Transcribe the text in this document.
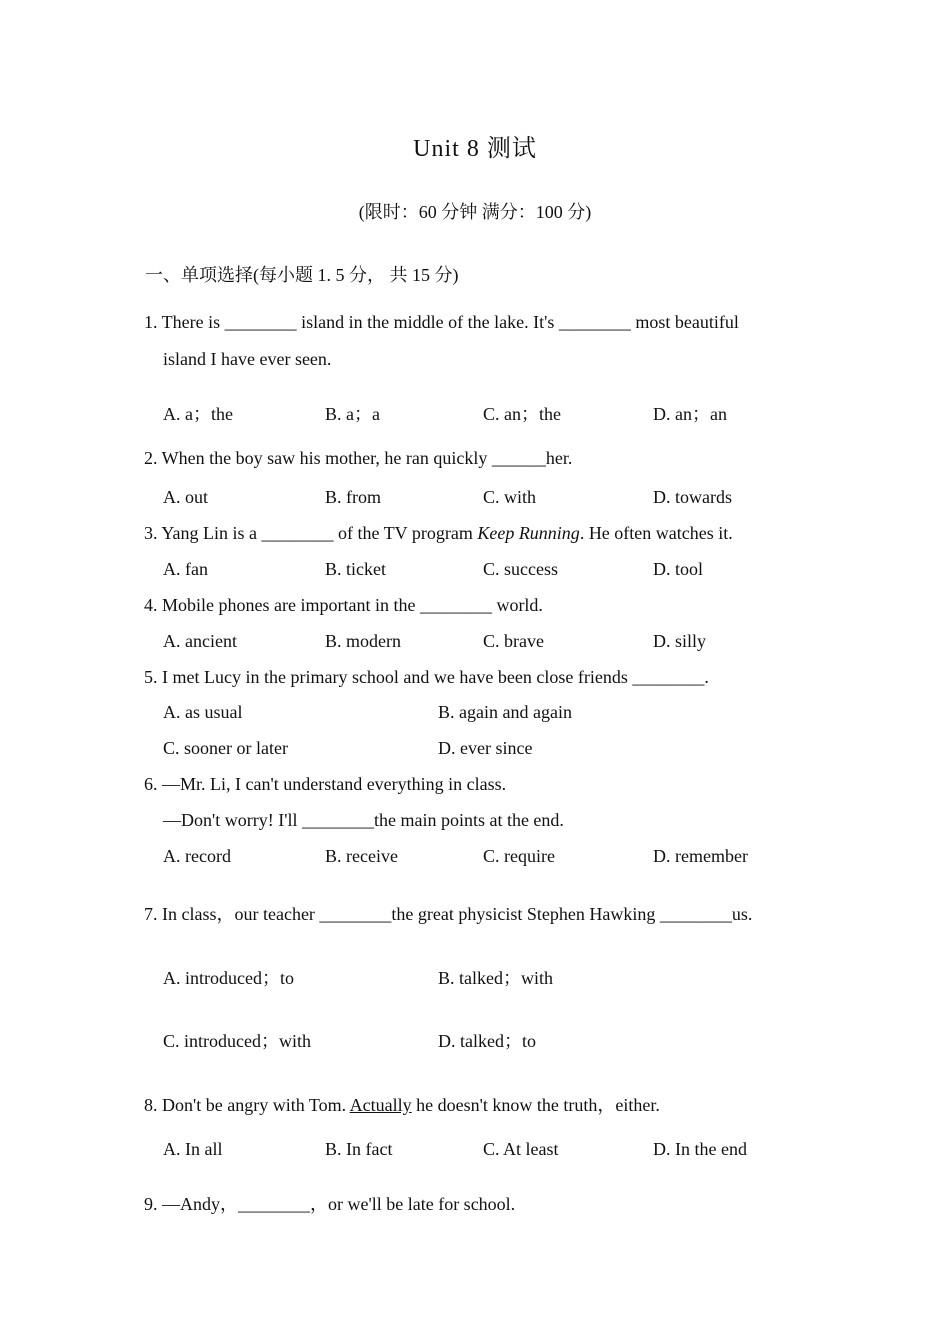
Unit 8 测试
(限时：60 分钟 满分：100 分)
一、单项选择(每小题 1. 5 分， 共 15 分)
1. There is ________ island in the middle of the lake. It's ________ most beautiful
island I have ever seen.
A. a；the	B. a；a	C. an；the	D. an；an
2. When the boy saw his mother, he ran quickly ______her.
A. out	B. from	C. with	D. towards
3. Yang Lin is a ________ of the TV program Keep Running. He often watches it.
A. fan	B. ticket	C. success	D. tool
4. Mobile phones are important in the ________ world.
A. ancient	B. modern	C. brave	D. silly
5. I met Lucy in the primary school and we have been close friends ________.
A. as usual	B. again and again
C. sooner or later	D. ever since
6. —Mr. Li, I can't understand everything in class.
—Don't worry! I'll ________the main points at the end.
A. record	B. receive	C. require	D. remember
7. In class，our teacher ________the great physicist Stephen Hawking ________us.
A. introduced；to	B. talked；with
C. introduced；with	D. talked；to
8. Don't be angry with Tom. Actually he doesn't know the truth，either.
A. In all	B. In fact	C. At least	D. In the end
9. —Andy，________，or we'll be late for school.
